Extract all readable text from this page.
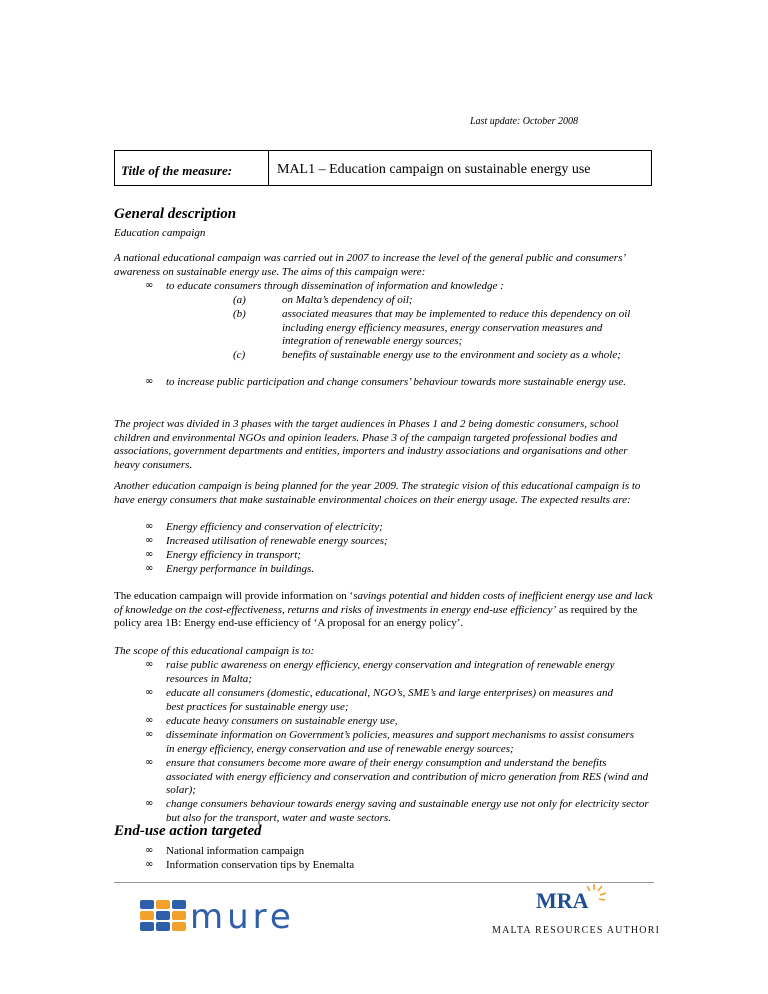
Last update: October 2008
Title of the measure:	MAL1 – Education campaign on sustainable energy use
General description
Education campaign
A national educational campaign was carried out in 2007 to increase the level of the general public and consumers’ awareness on sustainable energy use. The aims of this campaign were:
∞ to educate consumers through dissemination of information and knowledge :
(a)	on Malta’s dependency of oil;
(b)	associated measures that may be implemented to reduce this dependency on oil including energy efficiency measures, energy conservation measures and integration of renewable energy sources;
(c)	benefits of sustainable energy use to the environment and society as a whole;
∞ to increase public participation and change consumers’ behaviour towards more sustainable energy use.
The project was divided in 3 phases with the target audiences in Phases 1 and 2 being domestic consumers, school children and environmental NGOs and opinion leaders. Phase 3 of the campaign targeted professional bodies and associations, government departments and entities, importers and industry associations and organisations and other heavy consumers.
Another education campaign is being planned for the year 2009. The strategic vision of this educational campaign is to have energy consumers that make sustainable environmental choices on their energy usage. The expected results are:
∞ Energy efficiency and conservation of electricity;
∞ Increased utilisation of renewable energy sources;
∞ Energy efficiency in transport;
∞ Energy performance in buildings.
The education campaign will provide information on ‘savings potential and hidden costs of inefficient energy use and lack of knowledge on the cost-effectiveness, returns and risks of investments in energy end-use efficiency’ as required by the policy area 1B: Energy end-use efficiency of ‘A proposal for an energy policy’.
The scope of this educational campaign is to:
∞ raise public awareness on energy efficiency, energy conservation and integration of renewable energy resources in Malta;
∞ educate all consumers (domestic, educational, NGO’s, SME’s and large enterprises) on measures and best practices for sustainable energy use;
∞ educate heavy consumers on sustainable energy use,
∞ disseminate information on Government’s policies, measures and support mechanisms to assist consumers in energy efficiency, energy conservation and use of renewable energy sources;
∞ ensure that consumers become more aware of their energy consumption and understand the benefits associated with energy efficiency and conservation and contribution of micro generation from RES (wind and solar);
∞ change consumers behaviour towards energy saving and sustainable energy use not only for electricity sector but also for the transport, water and waste sectors.
End-use action targeted
∞ National information campaign
∞ Information conservation tips by Enemalta
mure	MRA
MALTA RESOURCES AUTHORITY
